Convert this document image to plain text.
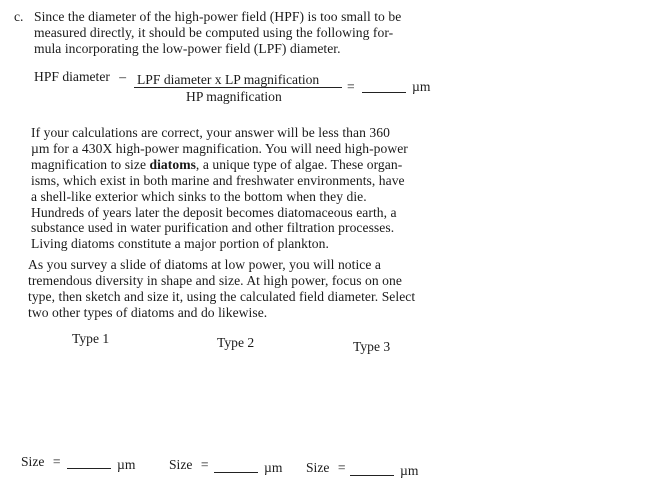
c. Since the diameter of the high-power field (HPF) is too small to be
measured directly, it should be computed using the following for-
mula incorporating the low-power field (LPF) diameter.
HPF diameter – LPF diameter x LP magnification
HP magnification
=	µm
If your calculations are correct, your answer will be less than 360
µm for a 430X high-power magnification. You will need high-power
magnification to size diatoms, a unique type of algae. These organ-
isms, which exist in both marine and freshwater environments, have
a shell-like exterior which sinks to the bottom when they die.
Hundreds of years later the deposit becomes diatomaceous earth, a
substance used in water purification and other filtration processes.
Living diatoms constitute a major portion of plankton.
As you survey a slide of diatoms at low power, you will notice a
tremendous diversity in shape and size. At high power, focus on one
type, then sketch and size it, using the calculated field diameter. Select
two other types of diatoms and do likewise.
Type 1	Type 2	Type 3
Size =	µm Size =	µm Size =	µm
